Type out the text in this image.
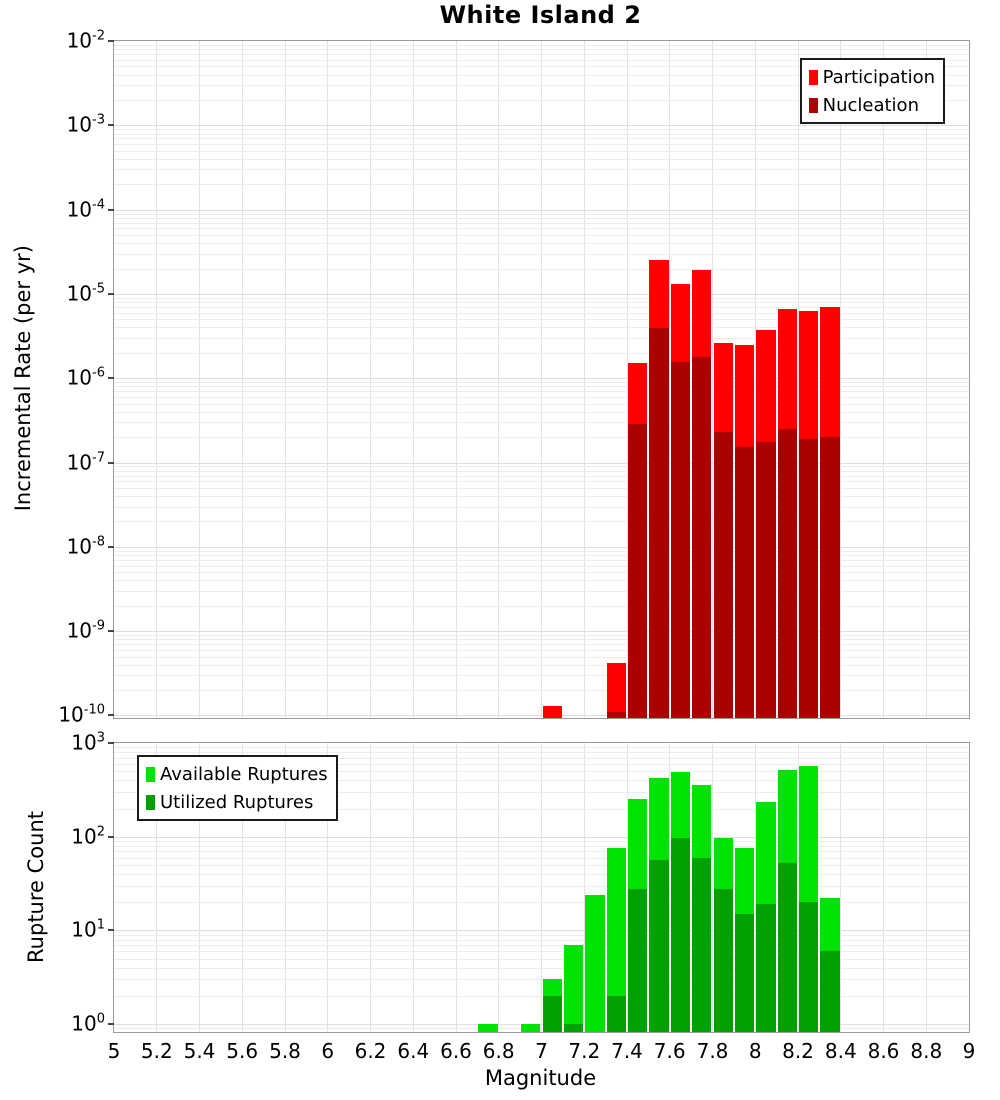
White Island 2
Incremental Rate (per yr)
Rupture Count
$10^{-2}$
$10^{-3}$
$10^{-4}$
$10^{-5}$
$10^{-6}$
$10^{-7}$
$10^{-8}$
$10^{-9}$
$10^{-10}$
Participation
Nucleation
$10^3$
$10^2$
$10^1$
$10^0$
Available Ruptures
Utilized Ruptures
5 5.2 5.4 5.6 5.8 6 6.2 6.4 6.6 6.8 7 7.2 7.4 7.6 7.8 8 8.2 8.4 8.6 8.8 9
Magnitude
